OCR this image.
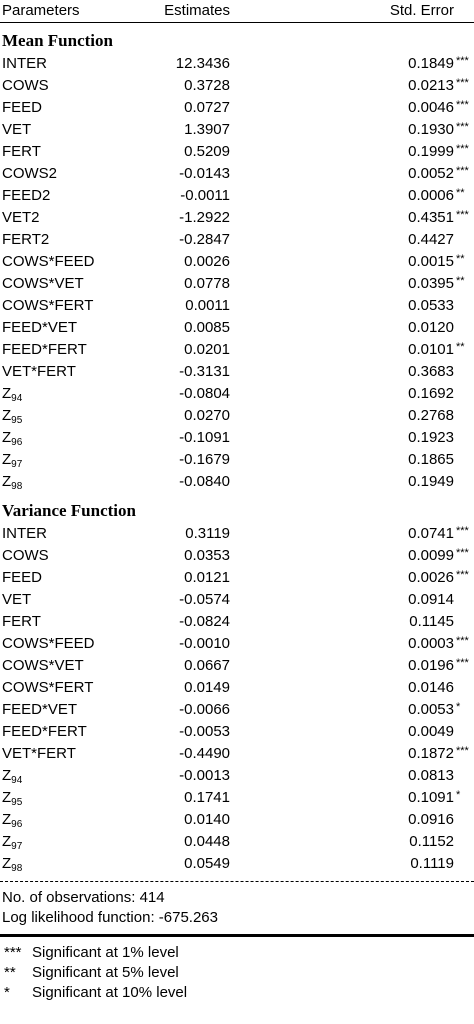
Parameters	Estimates	Std. Error
Mean Function
INTER	12.3436	0.1849 ***
COWS	0.3728	0.0213 ***
FEED	0.0727	0.0046 ***
VET	1.3907	0.1930 ***
FERT	0.5209	0.1999 ***
COWS2	-0.0143	0.0052 ***
FEED2	-0.0011	0.0006 **
VET2	-1.2922	0.4351 ***
FERT2	-0.2847	0.4427
COWS*FEED	0.0026	0.0015 **
COWS*VET	0.0778	0.0395 **
COWS*FERT	0.0011	0.0533
FEED*VET	0.0085	0.0120
FEED*FERT	0.0201	0.0101 **
VET*FERT	-0.3131	0.3683
$Z_{94}$	-0.0804	0.1692
$Z_{95}$	0.0270	0.2768
$Z_{96}$	-0.1091	0.1923
$Z_{97}$	-0.1679	0.1865
$Z_{98}$	-0.0840	0.1949
Variance Function
INTER	0.3119	0.0741 ***
COWS	0.0353	0.0099 ***
FEED	0.0121	0.0026 ***
VET	-0.0574	0.0914
FERT	-0.0824	0.1145
COWS*FEED	-0.0010	0.0003 ***
COWS*VET	0.0667	0.0196 ***
COWS*FERT	0.0149	0.0146
FEED*VET	-0.0066	0.0053 *
FEED*FERT	-0.0053	0.0049
VET*FERT	-0.4490	0.1872 ***
$Z_{94}$	-0.0013	0.0813
$Z_{95}$	0.1741	0.1091 *
$Z_{96}$	0.0140	0.0916
$Z_{97}$	0.0448	0.1152
$Z_{98}$	0.0549	0.1119
No. of observations: 414
Log likelihood function: -675.263
*** Significant at 1% level
** Significant at 5% level
* Significant at 10% level
